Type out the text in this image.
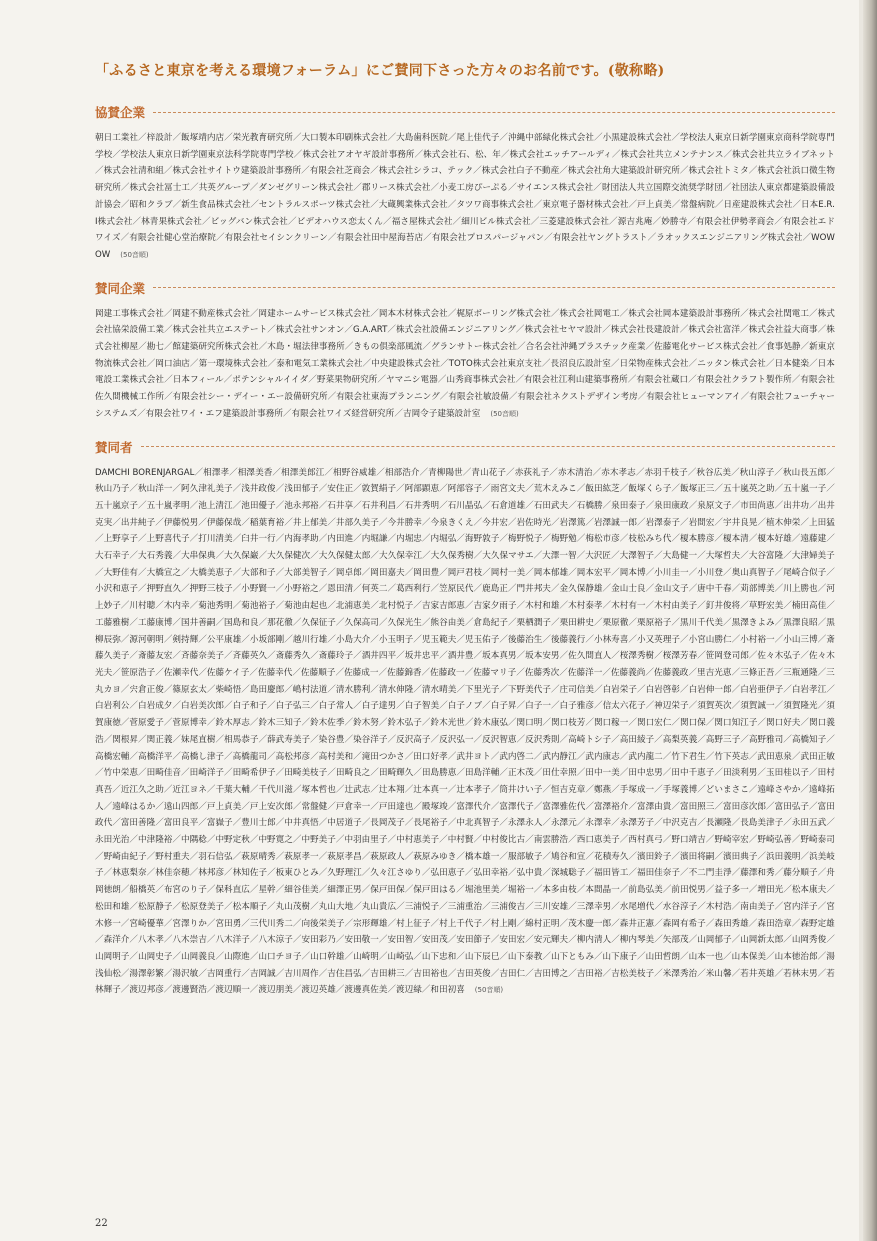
「ふるさと東京を考える環境フォーラム」にご賛同下さった方々のお名前です。(敬称略)
協賛企業
朝日工業社／梓設計／飯塚靖内店／栄光教育研究所／大口製本印刷株式会社／大島歯科医院／尾上佳代子／沖縄中部緑化株式会社／小黒建設株式会社／学校法人東京日新学園東京商科学院専門学校／学校法人東京日新学園東京法科学院専門学校／株式会社アオヤギ設計事務所／株式会社石、松、年／株式会社エッチアールディ／株式会社共立メンテナンス／株式会社共立ライブネット／株式会社清和組／株式会社サイトウ建築設計事務所／有限会社芝商会／株式会社シラコ、テック／株式会社白子不動産／株式会社角大建築設計研究所／株式会社トミタ／株式会社浜口微生物研究所／株式会社冨士工／共英グループ／ダンゼグリーン株式会社／郡リース株式会社／小麦工房ぴーぷる／サイエンス株式会社／財団法人共立国際交流奨学財団／社団法人東京都建築設備設計協会／昭和クラブ／新生食品株式会社／セントラルスポーツ株式会社／大蔵興業株式会社／タツワ商事株式会社／東京電子器材株式会社／戸上貞美／常盤病院／日産建設株式会社／日本E.R.I株式会社／林青果株式会社／ビッグバン株式会社／ビデオハウス恋太くん／福さ屋株式会社／細川ビル株式会社／三菱建設株式会社／源吉兆庵／妙勝寺／有限会社伊勢孝商会／有限会社エドワイズ／有限会社健心堂治療院／有限会社セイシンクリーン／有限会社田中屋海苔店／有限会社プロスパージャパン／有限会社ヤングトラスト／ラオックスエンジニアリング株式会社／WOWOW (50音順)
賛同企業
岡建工事株式会社／岡建不動産株式会社／岡建ホームサービス株式会社／岡本木材株式会社／梶原ボーリング株式会社／株式会社岡電工／株式会社岡本建築設計事務所／株式会社閏電工／株式会社協栄設備工業／株式会社共立エステート／株式会社サンオン／G.A.ART／株式会社設備エンジニアリング／株式会社セヤマ設計／株式会社長建設計／株式会社富洋／株式会社益大商事／株式会社柳屋／勘七／館建築研究所株式会社／木島・堀法律事務所／きもの倶楽部風流／グランサトー株式会社／合名会社沖縄プラスチック産業／佐藤電化サービス株式会社／食事処静／新東京物流株式会社／岡口油店／第一環境株式会社／泰和電気工業株式会社／中央建設株式会社／TOTO株式会社東京支社／長沼良広設計室／日栄物産株式会社／ニッタン株式会社／日本健楽／日本電設工業株式会社／日本フィール／ポテンシャルイイダ／野菜果物研究所／ヤマニシ電器／山秀商事株式会社／有限会社江利山建築事務所／有限会社蔵口／有限会社クラフト製作所／有限会社佐久間機械工作所／有限会社シー・デイー・エー設備研究所／有限会社東海プランニング／有限会社敏設備／有限会社ネクストデザイン考房／有限会社ヒューマンアイ／有限会社フューチャーシステムズ／有限会社ワイ・エフ建築設計事務所／有限会社ワイズ経営研究所／吉岡令子建築設計室 (50音順)
賛同者
DAMCHI BORENJARGAL／相澤孝／相澤美香／相澤美郎江／相野谷威雄／相部浩介／青柳陽世／青山花子／赤荻礼子／赤木清治／赤木孝志／赤羽千枝子／秋谷広美／秋山淳子／秋山長五郎／秋山乃子／秋山洋一／阿久津礼美子／浅井政俊／浅田郁子／安住正／敦賀絹子／阿部顕恵／阿部容子／雨宮文夫／荒木えみこ／飯田紘芝／飯塚くら子／飯塚正三／五十嵐英之助／五十嵐一子／五十嵐京子／五十嵐孝明／池上清江／池田優子／池永邦裕／石井享／石井利昌／石井秀明／石川晶弘／石倉道雄／石田武夫／石橋勝／泉田泰子／泉田康政／泉原文子／市田尚恵／出井功／出井克実／出井純子／伊藤悦男／伊藤保哉／稲葉育裕／井上郁美／井部久美子／今井勝幸／今泉きくえ／今井宏／岩佐時光／岩澤篤／岩澤誠一郎／岩澤泰子／岩間宏／宇井良晃／植木伸栄／上田猛／上野享子／上野喜代子／打川清美／臼井一行／内海孝助／内田進／内堀謙／内堀忠／内堀弘／海野敦子／梅野悦子／梅野勉／梅松市彦／枝松みち代／榎本勝彦／榎本清／榎本好雄／遠藤建／大石幸子／大石秀義／大串保典／大久保巌／大久保健次／大久保健太郎／大久保幸江／大久保秀樹／大久保マサエ／大澤一智／大沢匠／大澤智子／大島健一／大塚哲夫／大谷富隆／大津婦美子／大野佳有／大橋宣之／大橋美恵子／大部和子／大部美智子／岡卓郎／岡田嘉夫／岡田豊／岡戸君枝／岡村一美／岡本郁雄／岡本宏平／岡本博／小川圭一／小川登／奥山真智子／尾崎合似子／小沢和恵子／押野直久／押野三枝子／小野賢一／小野裕之／恩田清／何英二／葛西利行／笠原民代／鹿島正／門井邦夫／金久保静雄／金山士良／金山文子／唐中千春／苅部博美／川上勝也／河上妙子／川村聰／木内幸／菊池秀明／菊池裕子／菊池由起也／北浦恵美／北村悦子／吉家吉郎恵／吉家夕雨子／木村和雄／木村泰孝／木村有一／木村由美子／釘井俊将／草野宏美／楠田高佳／工藤雅樹／工藤康博／国井善嗣／国島和良／那花徹／久保征子／久保高司／久保光生／熊谷由美／倉島紀子／栗栖潤子／栗田耕史／栗原徹／栗原裕子／黒川千代美／黒澤きよみ／黒澤良昭／黒柳辰弥／源河朝明／剣持輝／公平康雄／小坂部剛／越川行雄／小島大介／小玉明子／児玉範夫／児玉佑子／後藤治生／後藤義行／小林寿喜／小又英理子／小宮山勝仁／小村裕一／小山三博／斎藤久美子／斎藤友宏／斉藤奈美子／斉藤英久／斎藤秀久／斎藤玲子／酒井四平／坂井忠平／酒井豊／坂本真男／坂本安男／佐久間直人／桜澤秀樹／桜澤芳春／笹岡登司郎／佐々木弘子／佐々木光夫／笹原浩子／佐瀬幸代／佐藤ケイ子／佐藤幸代／佐藤順子／佐藤成一／佐藤錦香／佐藤政一／佐藤マリ子／佐藤秀次／佐藤洋一／佐藤義尚／佐藤義政／里吉光恵／三條正吾／三瓶通隆／三丸カヨ／宍倉正俊／篠原玄太／柴崎悟／島田慶郎／嶋村法道／清水勝利／清水伸隆／清水晴美／下里光子／下野美代子／庄司信美／白岩栄子／白岩啓彰／白岩伸一郎／白岩亜伊子／白岩孝江／白岩利公／白岩成夕／白岩美次郎／白子和子／白子弘三／白子常人／白子達男／白子智美／白子ノブ／白子昇／白子一／白子雅彦／信太六花子／神辺栄子／須賀英次／須賀誠一／須賀隆光／須賀康徳／菅原愛子／菅原博幸／鈴木厚志／鈴木三知子／鈴木佐季／鈴木努／鈴木弘子／鈴木光世／鈴木康弘／関口明／関口枝芳／関口稼一／関口宏仁／関口保／関口知江子／関口好夫／関口義浩／関根昇／関正義／妹尾直樹／相馬恭子／薛武寿美子／染谷豊／染谷洋子／反沢高子／反沢弘一／反沢智恵／反沢秀則／高崎トシ子／高田綾子／高梨英義／高野三子／高野雅司／高橋知子／高橋宏輔／高橋洋平／高橋し津子／高橋龍司／高松邦彦／高村美和／滝田つかさ／田口好孝／武井ヨト／武内啓二／武内静江／武内康志／武内龍二／竹下君生／竹下英志／武田恵泉／武田正敏／竹中栄恵／田畸佳音／田崎洋子／田畸希伊子／田畸美枝子／田畸良之／田畸輝久／田島勝恵／田島洋輔／正木茂／田仕幸照／田中一美／田中忠男／田中千恵子／田淡利男／玉田桂以子／田村真吾／近江久之助／近江ヨネ／千葉大輔／千代川滋／塚本哲也／辻武志／辻本翔／辻本真一／辻本孝子／筒井けい子／恒吉克章／鄭燕／手塚成一／手塚義博／どいまさこ／遠峰さやか／遠峰拓人／遠峰はるか／遠山四郎／戸上貞美／戸上安次郎／常盤健／戸倉幸一／戸田達也／殿塚竣／富澤代介／富澤代子／富澤雅佐代／富澤裕介／富澤由貴／富田照三／富田彦次郎／富田弘子／富田政代／富田善隆／富田良平／富嶽子／豊川士郎／中井真悟／中居道子／長岡茂子／長尾裕子／中北真智子／永澤永人／永澤元／永澤幸／永澤芳子／中沢克吉／長瀬隆／長島美津子／永田五武／永田光治／中津隆裕／中隅稔／中野定秋／中野寛之／中野美子／中羽由里子／中村恵美子／中村賢／中村俊比古／南雲勝浩／西口恵美子／西村真弓／野口靖吉／野崎宰宏／野崎弘善／野崎泰司／野崎由紀子／野村重夫／羽石信弘／萩原晴秀／萩原孝一／萩原孝昌／萩原政人／萩原みゆき／橋本雄一／服部敏子／鳩谷和宣／花積寿久／濱田鈴子／濱田将嗣／濱田典子／浜田義明／浜美岐子／林恵梨奈／林佳奈穂／林邦彦／林知佐子／板東ひとみ／久野理江／久々江さゆり／弘田恵子／弘田幸裕／弘中貴／深城聡子／福田皆工／福田佳奈子／不二門圭淨／藤澤和秀／藤分順子／舟岡徳朗／船橋英／布宮のり子／保科直広／星幹／細谷佳美／細澤正男／保戸田保／保戸田はる／堀池里美／堀裕一／本多由枝／本間晶一／前島弘美／前田悦男／益子多一／増田光／松本康夫／松田和雄／松原静子／松原登美子／松本順子／丸山茂樹／丸山大地／丸山貴広／三浦悦子／三浦重治／三浦俊吉／三川安雄／三澤幸男／水尾増代／水谷淳子／木村浩／南由美子／宮内洋子／宮木修一／宮崎優華／宮澤りか／宮田勇／三代川秀二／向後栄美子／宗形輝雄／村上征子／村上千代子／村上剛／綿村正明／茂木慶一郎／森井正憲／森岡有希子／森田秀雄／森田浩章／森野定雄／森洋介／八木孝／八木崇吉／八木洋子／八木涼子／安田彩乃／安田敬一／安田智／安田茂／安田節子／安田宏／安元輝夫／柳内清人／柳内琴美／矢部茂／山岡郁子／山岡新太郎／山岡秀俊／山岡明子／山岡史子／山岡義良／山際進／山口チヨ子／山口幹雄／山崎明／山崎弘／山下忠和／山下辰巳／山下泰教／山下ともみ／山下康子／山田哲朗／山本一也／山本保美／山本徳治郎／湯浅仙松／湯澤彰繁／湯沢敏／吉岡重行／吉岡誠／吉川周作／吉住昌弘／吉田耕三／吉田裕也／吉田英俊／吉田仁／吉田博之／吉田裕／吉松美枝子／米澤秀治／米山馨／若井英雄／若林末男／若林輝子／渡辺邦彦／渡邊賢浩／渡辺順一／渡辺朋美／渡辺英雄／渡邊真佐美／渡辺緑／和田初喜 (50音順)
22
